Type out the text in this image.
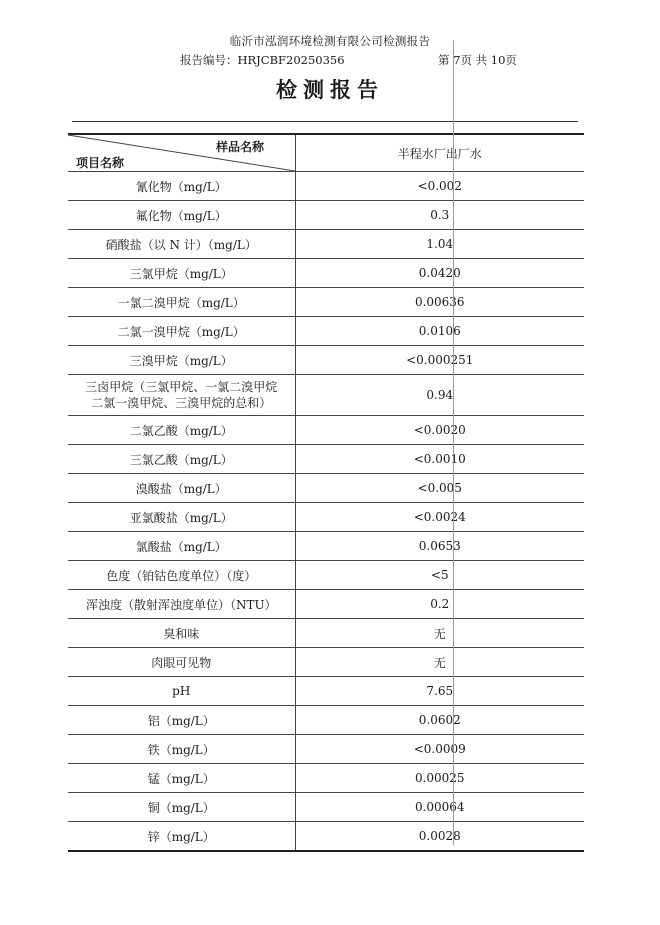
临沂市泓润环境检测有限公司检测报告
报告编号：HRJCBF20250356	第 7页 共 10页
检测报告
样品名称
项目名称	半程水厂出厂水
氰化物（mg/L）	<0.002
氟化物（mg/L）	0.3
硝酸盐（以 N 计）（mg/L）	1.04
三氯甲烷（mg/L）	0.0420
一氯二溴甲烷（mg/L）	0.00636
二氯一溴甲烷（mg/L）	0.0106
三溴甲烷（mg/L）	<0.000251

三卤甲烷（三氯甲烷、一氯二溴甲烷
二氯一溴甲烷、三溴甲烷的总和）	0.94
二氯乙酸（mg/L）	<0.0020
三氯乙酸（mg/L）	<0.0010
溴酸盐（mg/L）	<0.005
亚氯酸盐（mg/L）	<0.0024
氯酸盐（mg/L）	0.0653
色度（铂钴色度单位）（度）	<5
浑浊度（散射浑浊度单位）（NTU）	0.2
臭和味	无
肉眼可见物	无
pH	7.65
铝（mg/L）	0.0602
铁（mg/L）	<0.0009
锰（mg/L）	0.00025
铜（mg/L）	0.00064
锌（mg/L）	0.0028
